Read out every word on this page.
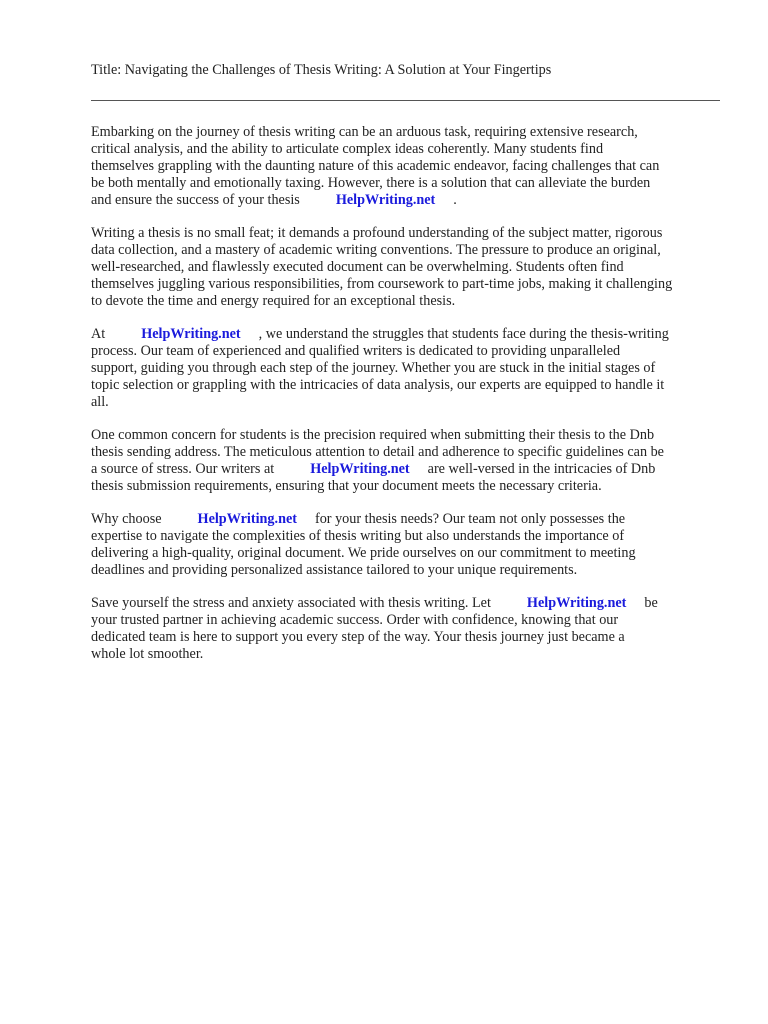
Title: Navigating the Challenges of Thesis Writing: A Solution at Your Fingertips

Embarking on the journey of thesis writing can be an arduous task, requiring extensive research,
critical analysis, and the ability to articulate complex ideas coherently. Many students find
themselves grappling with the daunting nature of this academic endeavor, facing challenges that can
be both mentally and emotionally taxing. However, there is a solution that can alleviate the burden
and ensure the success of your thesis	HelpWriting.net .

Writing a thesis is no small feat; it demands a profound understanding of the subject matter, rigorous
data collection, and a mastery of academic writing conventions. The pressure to produce an original,
well-researched, and flawlessly executed document can be overwhelming. Students often find
themselves juggling various responsibilities, from coursework to part-time jobs, making it challenging
to devote the time and energy required for an exceptional thesis.

At	HelpWriting.net , we understand the struggles that students face during the thesis-writing
process. Our team of experienced and qualified writers is dedicated to providing unparalleled
support, guiding you through each step of the journey. Whether you are stuck in the initial stages of
topic selection or grappling with the intricacies of data analysis, our experts are equipped to handle it
all.

One common concern for students is the precision required when submitting their thesis to the Dnb
thesis sending address. The meticulous attention to detail and adherence to specific guidelines can be
a source of stress. Our writers at	HelpWriting.net are well-versed in the intricacies of Dnb
thesis submission requirements, ensuring that your document meets the necessary criteria.

Why choose	HelpWriting.net for your thesis needs? Our team not only possesses the
expertise to navigate the complexities of thesis writing but also understands the importance of
delivering a high-quality, original document. We pride ourselves on our commitment to meeting
deadlines and providing personalized assistance tailored to your unique requirements.

Save yourself the stress and anxiety associated with thesis writing. Let	HelpWriting.net be
your trusted partner in achieving academic success. Order with confidence, knowing that our
dedicated team is here to support you every step of the way. Your thesis journey just became a
whole lot smoother.
